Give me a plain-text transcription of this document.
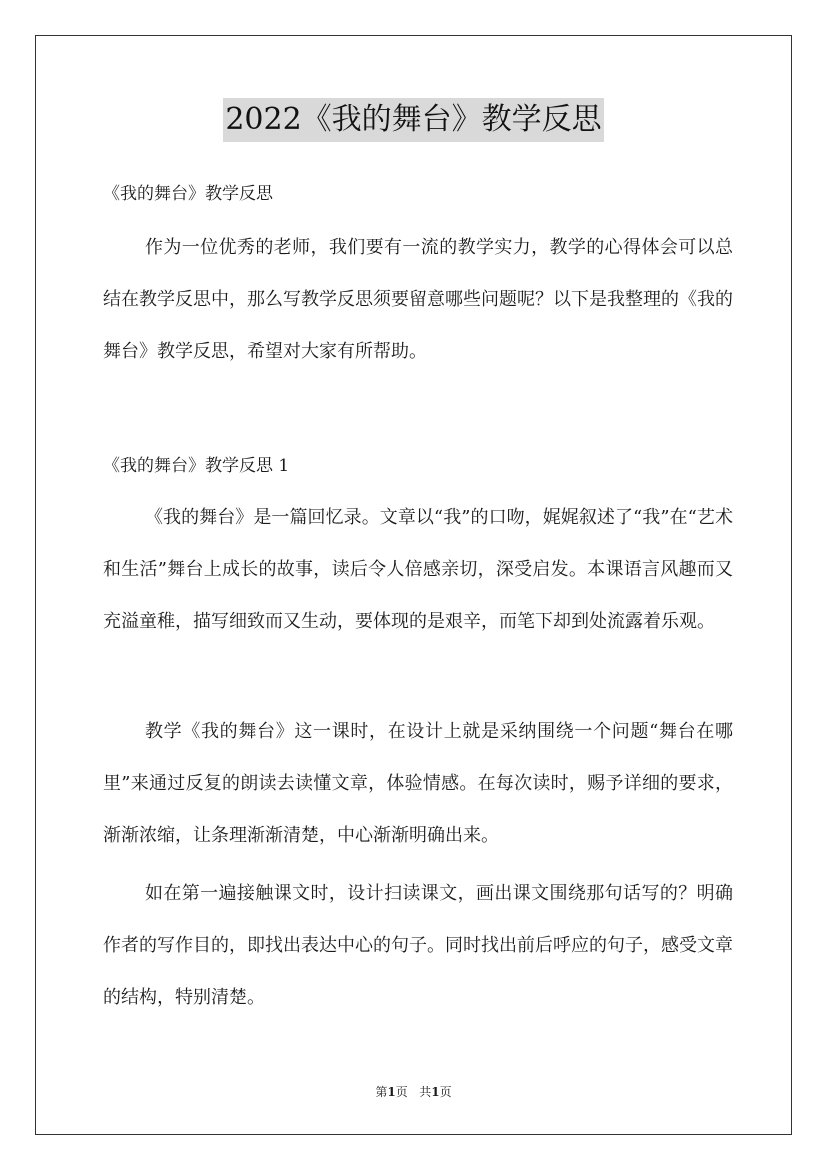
2022《我的舞台》教学反思
《我的舞台》教学反思
作为一位优秀的老师，我们要有一流的教学实力，教学的心得体会可以总结在教学反思中，那么写教学反思须要留意哪些问题呢？以下是我整理的《我的舞台》教学反思，希望对大家有所帮助。
《我的舞台》教学反思 1
《我的舞台》是一篇回忆录。文章以“我”的口吻，娓娓叙述了“我”在“艺术和生活”舞台上成长的故事，读后令人倍感亲切，深受启发。本课语言风趣而又充溢童稚，描写细致而又生动，要体现的是艰辛，而笔下却到处流露着乐观。
教学《我的舞台》这一课时，在设计上就是采纳围绕一个问题“舞台在哪里”来通过反复的朗读去读懂文章，体验情感。在每次读时，赐予详细的要求，渐渐浓缩，让条理渐渐清楚，中心渐渐明确出来。
如在第一遍接触课文时，设计扫读课文，画出课文围绕那句话写的？明确作者的写作目的，即找出表达中心的句子。同时找出前后呼应的句子，感受文章的结构，特别清楚。
第1页 共1页
